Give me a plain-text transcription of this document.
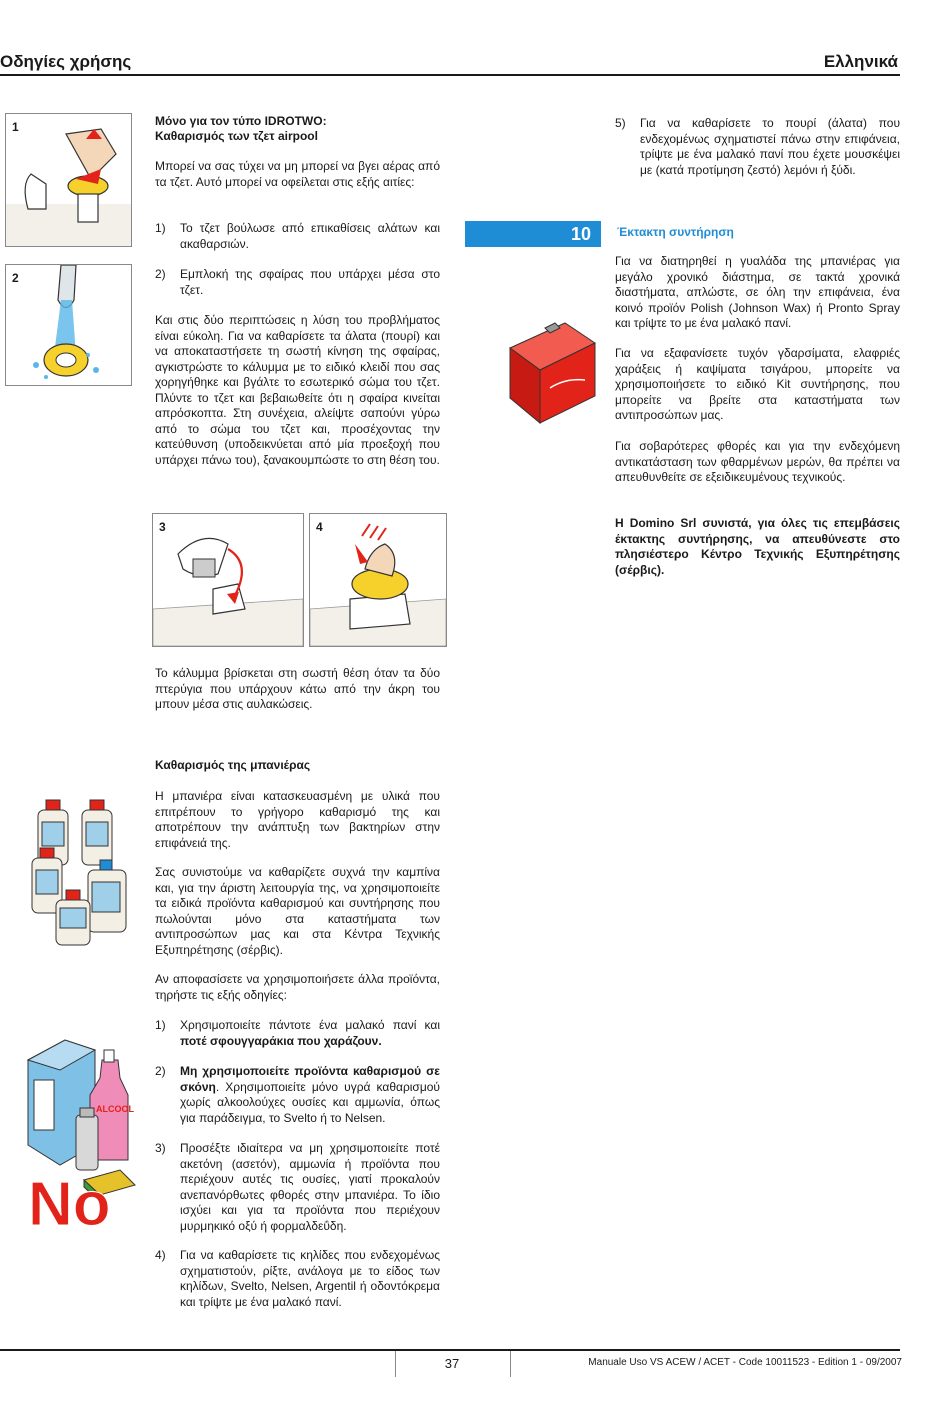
Οδηγίες χρήσης	Ελληνικά
1
2
Μόνο για τον τύπο IDROTWO:
Καθαρισμός των τζετ airpool
Μπορεί να σας τύχει να μη μπορεί να βγει αέρας από τα τζετ. Αυτό μπορεί να οφείλεται στις εξής αιτίες:
1)	Το τζετ βούλωσε από επικαθίσεις αλάτων και ακαθαρσιών.
2)	Εμπλοκή της σφαίρας που υπάρχει μέσα στο τζετ.
Και στις δύο περιπτώσεις η λύση του προβλήματος είναι εύκολη. Για να καθαρίσετε τα άλατα (πουρί) και να αποκαταστήσετε τη σωστή κίνηση της σφαίρας, αγκιστρώστε το κάλυμμα με το ειδικό κλειδί που σας χορηγήθηκε και βγάλτε το εσωτερικό σώμα του τζετ. Πλύντε το τζετ και βεβαιωθείτε ότι η σφαίρα κινείται απρόσκοπτα. Στη συνέχεια, αλείψτε σαπούνι γύρω από το σώμα του τζετ και, προσέχοντας την κατεύθυνση (υποδεικνύεται από μία προεξοχή που υπάρχει πάνω του), ξανακουμπώστε το στη θέση του.
3	4
Το κάλυμμα βρίσκεται στη σωστή θέση όταν τα δύο πτερύγια που υπάρχουν κάτω από την άκρη του μπουν μέσα στις αυλακώσεις.
Καθαρισμός της μπανιέρας
Η μπανιέρα είναι κατασκευασμένη με υλικά που επιτρέπουν το γρήγορο καθαρισμό της και αποτρέπουν την ανάπτυξη των βακτηρίων στην επιφάνειά της.
Σας συνιστούμε να καθαρίζετε συχνά την καμπίνα και, για την άριστη λειτουργία της, να χρησιμοποιείτε τα ειδικά προϊόντα καθαρισμού και συντήρησης που πωλούνται μόνο στα καταστήματα των αντιπροσώπων μας και στα Κέντρα Τεχνικής Εξυπηρέτησης (σέρβις).
Αν αποφασίσετε να χρησιμοποιήσετε άλλα προϊόντα, τηρήστε τις εξής οδηγίες:
ALCOOL
No
1)	Χρησιμοποιείτε πάντοτε ένα μαλακό πανί και ποτέ σφουγγαράκια που χαράζουν.
2)	Μη χρησιμοποιείτε προϊόντα καθαρισμού σε σκόνη. Χρησιμοποιείτε μόνο υγρά καθαρισμού χωρίς αλκοολούχες ουσίες και αμμωνία, όπως για παράδειγμα, το Svelto ή το Nelsen.
3)	Προσέξτε ιδιαίτερα να μη χρησιμοποιείτε ποτέ ακετόνη (ασετόν), αμμωνία ή προϊόντα που περιέχουν αυτές τις ουσίες, γιατί προκαλούν ανεπανόρθωτες φθορές στην μπανιέρα. Το ίδιο ισχύει και για τα προϊόντα που περιέχουν μυρμηκικό οξύ ή φορμαλδεΰδη.
4)	Για να καθαρίσετε τις κηλίδες που ενδεχομένως σχηματιστούν, ρίξτε, ανάλογα με το είδος των κηλίδων, Svelto, Nelsen, Argentil ή οδοντόκρεμα και τρίψτε με ένα μαλακό πανί.
5)	Για να καθαρίσετε το πουρί (άλατα) που ενδεχομένως σχηματιστεί πάνω στην επιφάνεια, τρίψτε με ένα μαλακό πανί που έχετε μουσκέψει με (κατά προτίμηση ζεστό) λεμόνι ή ξύδι.
10	Έκτακτη συντήρηση
Για να διατηρηθεί η γυαλάδα της μπανιέρας για μεγάλο χρονικό διάστημα, σε τακτά χρονικά διαστήματα, απλώστε, σε όλη την επιφάνεια, ένα κοινό προϊόν Polish (Johnson Wax) ή Pronto Spray και τρίψτε το με ένα μαλακό πανί.
Για να εξαφανίσετε τυχόν γδαρσίματα, ελαφριές χαράξεις ή καψίματα τσιγάρου, μπορείτε να χρησιμοποιήσετε το ειδικό Kit συντήρησης, που μπορείτε να βρείτε στα καταστήματα των αντιπροσώπων μας.
Για σοβαρότερες φθορές και για την ενδεχόμενη αντικατάσταση των φθαρμένων μερών, θα πρέπει να απευθυνθείτε σε εξειδικευμένους τεχνικούς.
Η Domino Srl συνιστά, για όλες τις επεμβάσεις έκτακτης συντήρησης, να απευθύνεστε στο πλησιέστερο Κέντρο Τεχνικής Εξυπηρέτησης (σέρβις).
37	Manuale Uso VS ACEW / ACET - Code 10011523 - Edition 1 - 09/2007
